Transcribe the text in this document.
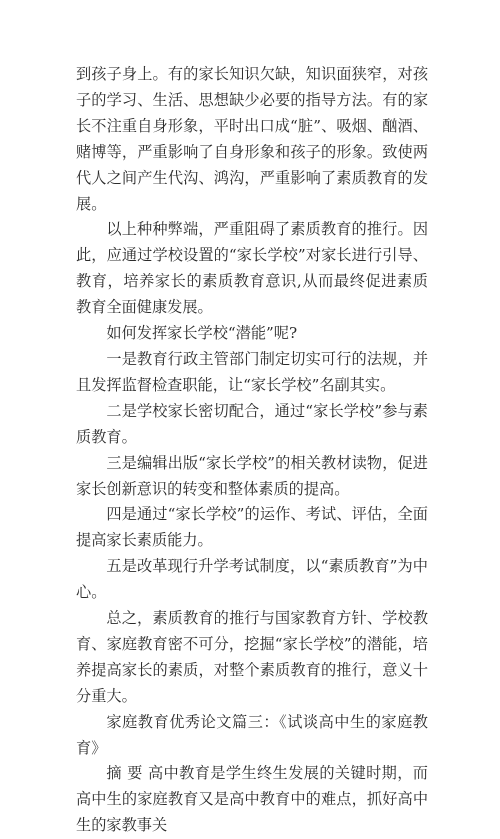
到孩子身上。有的家长知识欠缺，知识面狭窄，对孩子的学习、生活、思想缺少必要的指导方法。有的家长不注重自身形象，平时出口成“脏”、吸烟、酗酒、赌博等，严重影响了自身形象和孩子的形象。致使两代人之间产生代沟、鸿沟，严重影响了素质教育的发展。

以上种种弊端，严重阻碍了素质教育的推行。因此，应通过学校设置的“家长学校”对家长进行引导、教育，培养家长的素质教育意识,从而最终促进素质教育全面健康发展。

如何发挥家长学校“潜能”呢?

一是教育行政主管部门制定切实可行的法规，并且发挥监督检查职能，让“家长学校”名副其实。

二是学校家长密切配合，通过“家长学校”参与素质教育。

三是编辑出版“家长学校”的相关教材读物，促进家长创新意识的转变和整体素质的提高。

四是通过“家长学校”的运作、考试、评估，全面提高家长素质能力。

五是改革现行升学考试制度，以“素质教育”为中心。

总之，素质教育的推行与国家教育方针、学校教育、家庭教育密不可分，挖掘“家长学校”的潜能，培养提高家长的素质，对整个素质教育的推行，意义十分重大。

家庭教育优秀论文篇三：《试谈高中生的家庭教育》

摘 要 高中教育是学生终生发展的关键时期，而高中生的家庭教育又是高中教育中的难点，抓好高中生的家教事关
